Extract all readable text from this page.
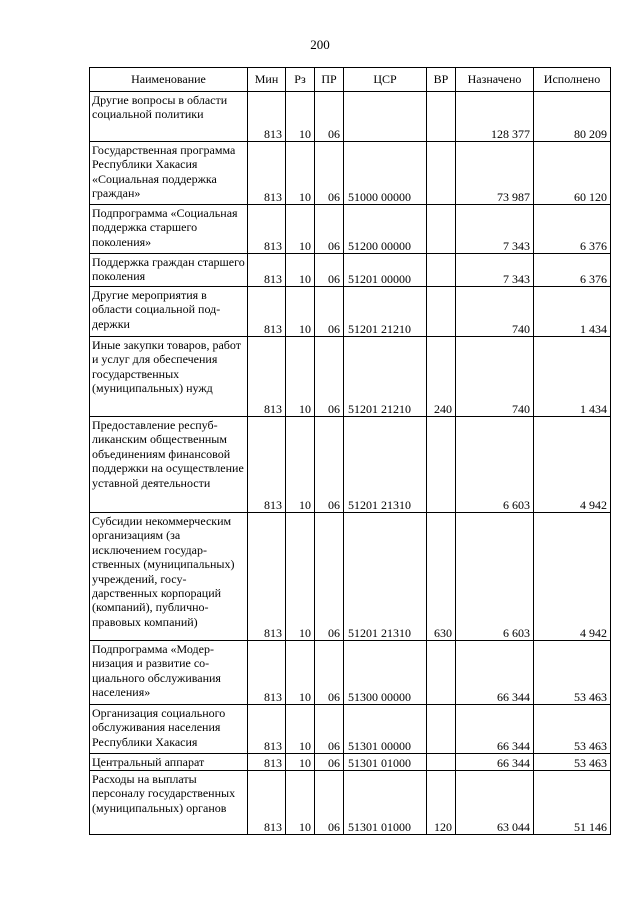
200
Наименование	Мин	Рз	ПР	ЦСР	ВР	Назначено	Исполнено
Другие вопросы в области социальной политики	813	10	06			128 377	80 209
Государственная программа Республики Хакасия «Социальная поддержка граждан»	813	10	06	51000 00000		73 987	60 120
Подпрограмма «Социальная поддержка старшего поколения»	813	10	06	51200 00000		7 343	6 376
Поддержка граждан старшего поколения	813	10	06	51201 00000		7 343	6 376
Другие мероприятия в области социальной поддержки	813	10	06	51201 21210		740	1 434
Иные закупки товаров, работ и услуг для обеспечения государственных (муниципальных) нужд	813	10	06	51201 21210	240	740	1 434
Предоставление республиканским общественным объединениям финансовой поддержки на осуществление уставной деятельности	813	10	06	51201 21310		6 603	4 942
Субсидии некоммерческим организациям (за исключением государственных (муниципальных) учреждений, государственных корпораций (компаний), публично-правовых компаний)	813	10	06	51201 21310	630	6 603	4 942
Подпрограмма «Модернизация и развитие социального обслуживания населения»	813	10	06	51300 00000		66 344	53 463
Организация социального обслуживания населения Республики Хакасия	813	10	06	51301 00000		66 344	53 463
Центральный аппарат	813	10	06	51301 01000		66 344	53 463
Расходы на выплаты персоналу государственных (муниципальных) органов	813	10	06	51301 01000	120	63 044	51 146
